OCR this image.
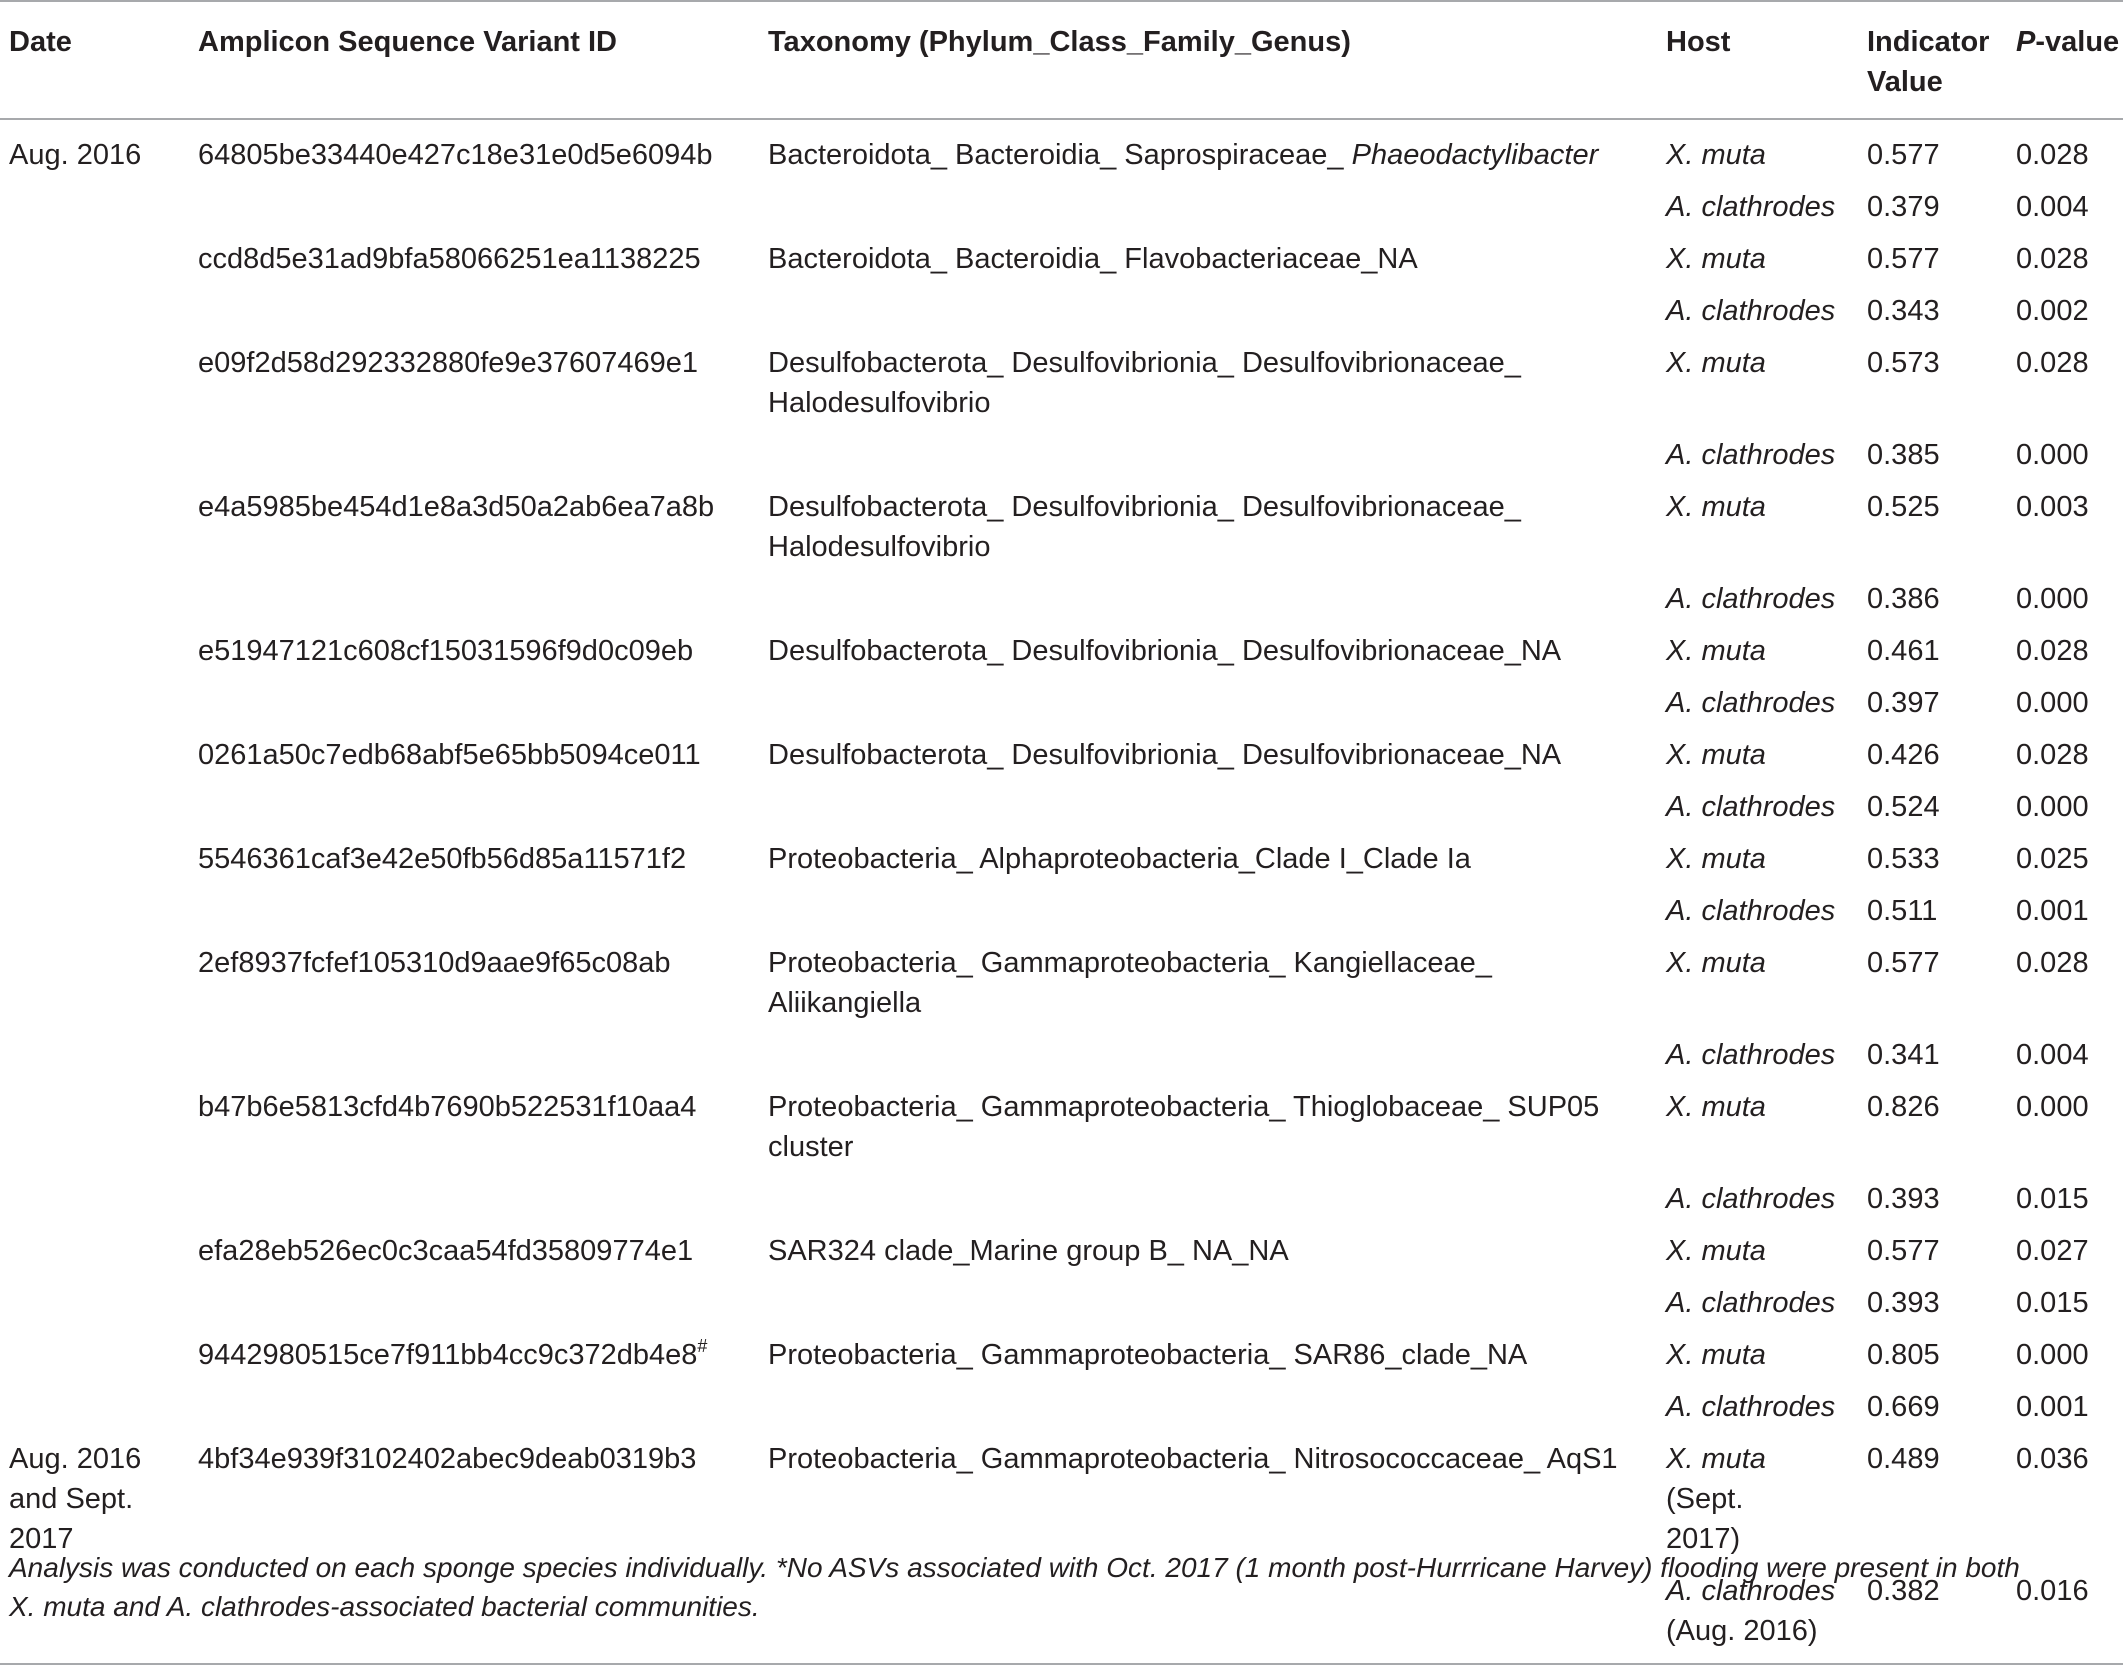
Date	Amplicon Sequence Variant ID	Taxonomy (Phylum_Class_Family_Genus)	Host	Indicator
Value	P-value
Aug. 2016	64805be33440e427c18e31e0d5e6094b	Bacteroidota_ Bacteroidia_ Saprospiraceae_ Phaeodactylibacter	X. muta	0.577	0.028
			A. clathrodes	0.379	0.004
	ccd8d5e31ad9bfa58066251ea1138225	Bacteroidota_ Bacteroidia_ Flavobacteriaceae_NA	X. muta	0.577	0.028
			A. clathrodes	0.343	0.002
	e09f2d58d292332880fe9e37607469e1	Desulfobacterota_ Desulfovibrionia_ Desulfovibrionaceae_
Halodesulfovibrio	X. muta	0.573	0.028
			A. clathrodes	0.385	0.000
	e4a5985be454d1e8a3d50a2ab6ea7a8b	Desulfobacterota_ Desulfovibrionia_ Desulfovibrionaceae_
Halodesulfovibrio	X. muta	0.525	0.003
			A. clathrodes	0.386	0.000
	e51947121c608cf15031596f9d0c09eb	Desulfobacterota_ Desulfovibrionia_ Desulfovibrionaceae_NA	X. muta	0.461	0.028
			A. clathrodes	0.397	0.000
	0261a50c7edb68abf5e65bb5094ce011	Desulfobacterota_ Desulfovibrionia_ Desulfovibrionaceae_NA	X. muta	0.426	0.028
			A. clathrodes	0.524	0.000
	5546361caf3e42e50fb56d85a11571f2	Proteobacteria_ Alphaproteobacteria_Clade I_Clade Ia	X. muta	0.533	0.025
			A. clathrodes	0.511	0.001
	2ef8937fcfef105310d9aae9f65c08ab	Proteobacteria_ Gammaproteobacteria_ Kangiellaceae_
Aliikangiella	X. muta	0.577	0.028
			A. clathrodes	0.341	0.004
	b47b6e5813cfd4b7690b522531f10aa4	Proteobacteria_ Gammaproteobacteria_ Thioglobaceae_ SUP05
cluster	X. muta	0.826	0.000
			A. clathrodes	0.393	0.015
	efa28eb526ec0c3caa54fd35809774e1	SAR324 clade_Marine group B_ NA_NA	X. muta	0.577	0.027
			A. clathrodes	0.393	0.015
	9442980515ce7f911bb4cc9c372db4e8#	Proteobacteria_ Gammaproteobacteria_ SAR86_clade_NA	X. muta	0.805	0.000
			A. clathrodes	0.669	0.001
Aug. 2016
and Sept.
2017	4bf34e939f3102402abec9deab0319b3	Proteobacteria_ Gammaproteobacteria_ Nitrosococcaceae_ AqS1	X. muta
(Sept.
2017)	0.489	0.036
			A. clathrodes
(Aug. 2016)	0.382	0.016
Analysis was conducted on each sponge species individually. *No ASVs associated with Oct. 2017 (1 month post-Hurrricane Harvey) flooding were present in both
X. muta and A. clathrodes-associated bacterial communities.
